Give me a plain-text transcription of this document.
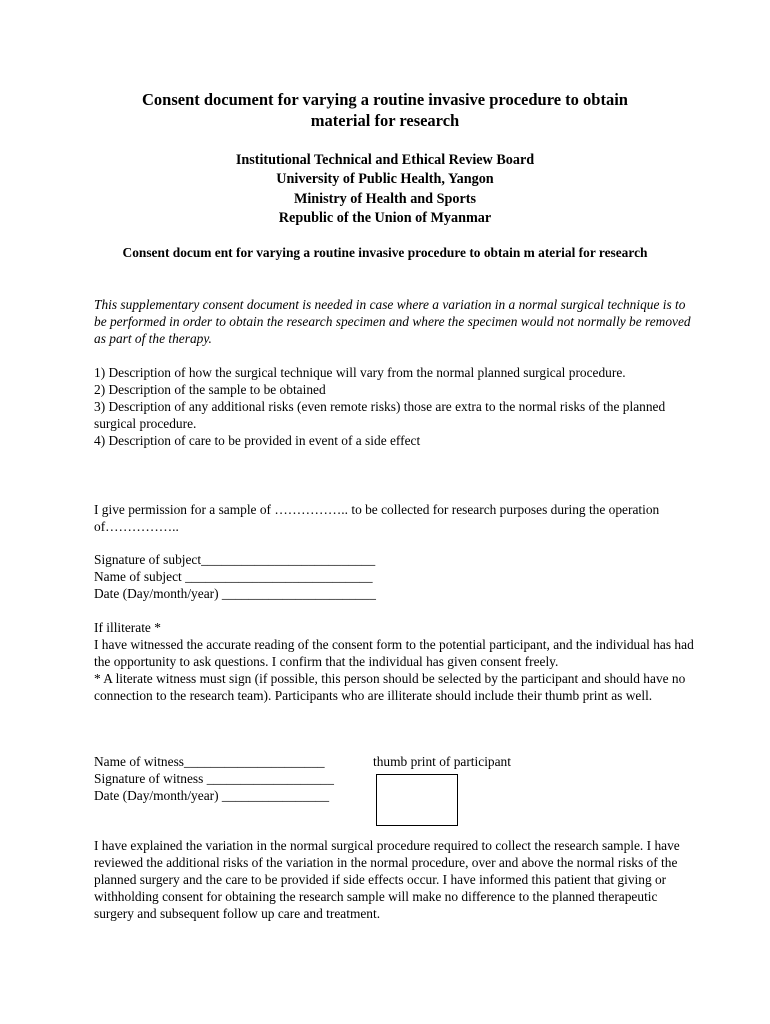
Consent document for varying a routine invasive procedure to obtain
material for research
Institutional Technical and Ethical Review Board
University of Public Health, Yangon
Ministry of Health and Sports
Republic of the Union of Myanmar
Consent docum ent for varying a routine invasive procedure to obtain m aterial for research
This supplementary consent document is needed in case where a variation in a normal surgical technique is to be performed in order to obtain the research specimen and where the specimen would not normally be removed as part of the therapy.
1) Description of how the surgical technique will vary from the normal planned surgical procedure.
2) Description of the sample to be obtained
3) Description of any additional risks (even remote risks) those are extra to the normal risks of the planned surgical procedure.
4) Description of care to be provided in event of a side effect
I give permission for a sample of …………….. to be collected for research purposes during the operation of……………..
Signature of subject__________________________
Name of subject ____________________________
Date (Day/month/year) _______________________
If illiterate *
I have witnessed the accurate reading of the consent form to the potential participant, and the individual has had the opportunity to ask questions. I confirm that the individual has given consent freely.
* A literate witness must sign (if possible, this person should be selected by the participant and should have no connection to the research team). Participants who are illiterate should include their thumb print as well.
Name of witness_____________________
Signature of witness ___________________
Date (Day/month/year) ________________
thumb print of participant
I have explained the variation in the normal surgical procedure required to collect the research sample. I have reviewed the additional risks of the variation in the normal procedure, over and above the normal risks of the planned surgery and the care to be provided if side effects occur. I have informed this patient that giving or withholding consent for obtaining the research sample will make no difference to the planned therapeutic surgery and subsequent follow up care and treatment.
